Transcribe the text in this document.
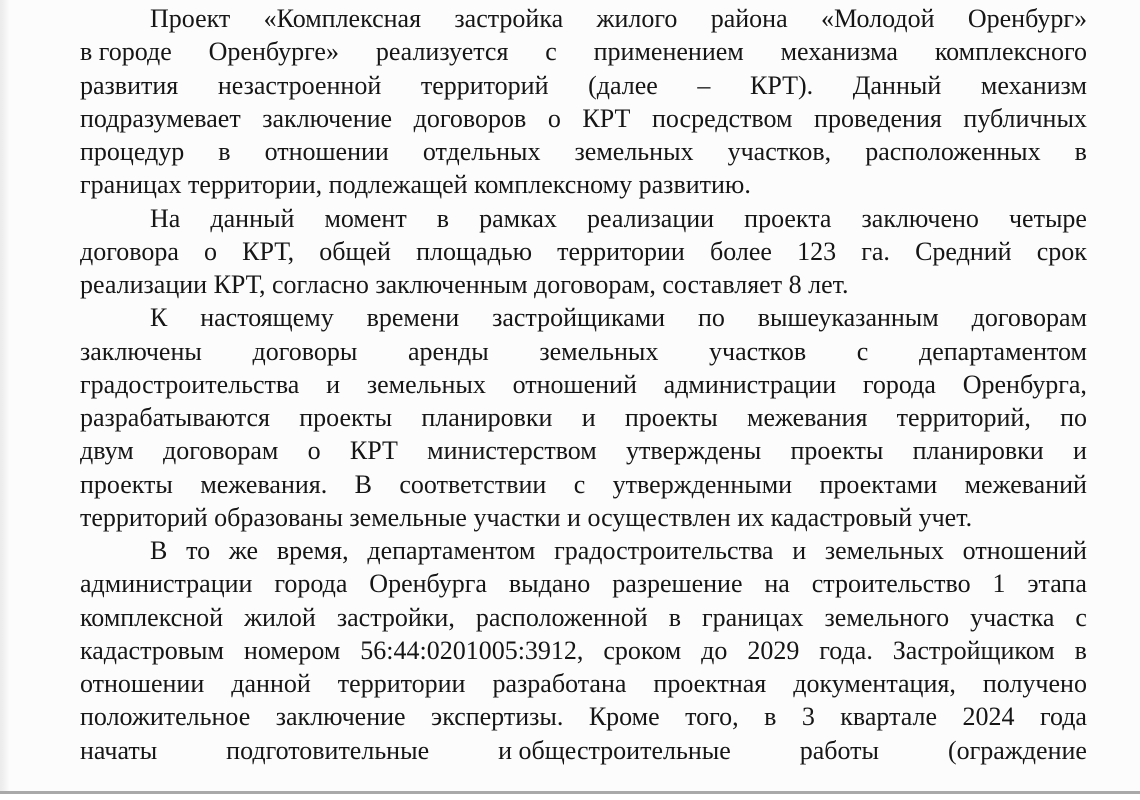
Проект «Комплексная застройка жилого района «Молодой Оренбург»
в городе Оренбурге» реализуется с применением механизма комплексного
развития незастроенной территорий (далее – КРТ). Данный механизм
подразумевает заключение договоров о КРТ посредством проведения публичных
процедур в отношении отдельных земельных участков, расположенных в
границах территории, подлежащей комплексному развитию.
На данный момент в рамках реализации проекта заключено четыре
договора о КРТ, общей площадью территории более 123 га. Средний срок
реализации КРТ, согласно заключенным договорам, составляет 8 лет.
К настоящему времени застройщиками по вышеуказанным договорам
заключены договоры аренды земельных участков с департаментом
градостроительства и земельных отношений администрации города Оренбурга,
разрабатываются проекты планировки и проекты межевания территорий, по
двум договорам о КРТ министерством утверждены проекты планировки и
проекты межевания. В соответствии с утвержденными проектами межеваний
территорий образованы земельные участки и осуществлен их кадастровый учет.
В то же время, департаментом градостроительства и земельных отношений
администрации города Оренбурга выдано разрешение на строительство 1 этапа
комплексной жилой застройки, расположенной в границах земельного участка с
кадастровым номером 56:44:0201005:3912, сроком до 2029 года. Застройщиком в
отношении данной территории разработана проектная документация, получено
положительное заключение экспертизы. Кроме того, в 3 квартале 2024 года
начаты	подготовительные	и общестроительные	работы	(ограждение
